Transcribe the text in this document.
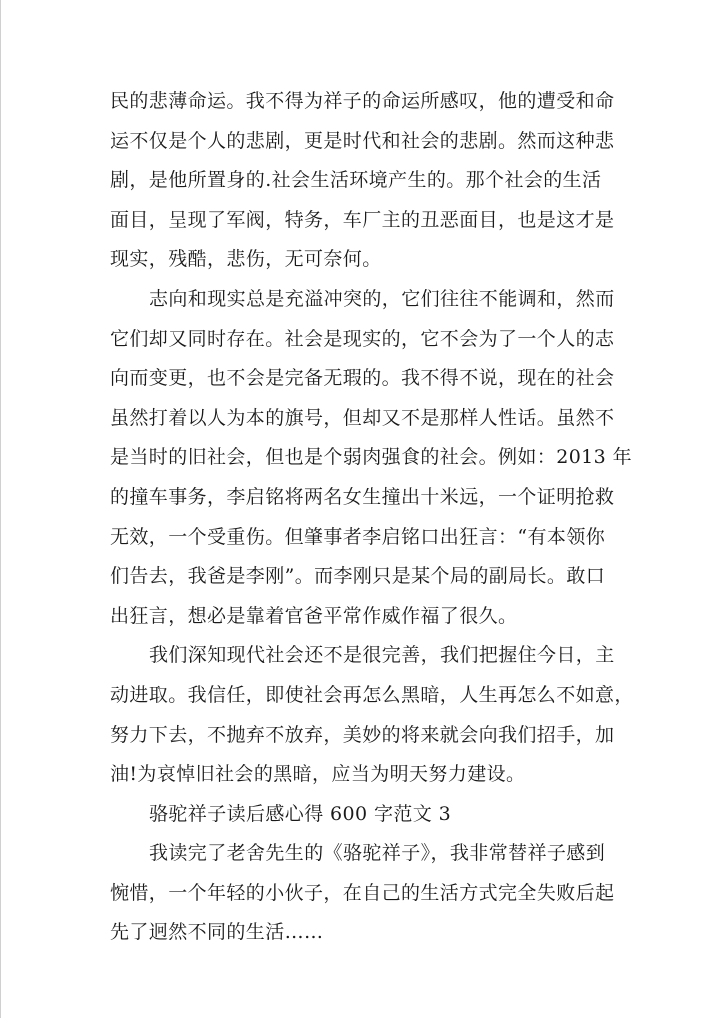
民的悲薄命运。我不得为祥子的命运所感叹，他的遭受和命
运不仅是个人的悲剧，更是时代和社会的悲剧。然而这种悲
剧，是他所置身的.社会生活环境产生的。那个社会的生活
面目，呈现了军阀，特务，车厂主的丑恶面目，也是这才是
现实，残酷，悲伤，无可奈何。
志向和现实总是充溢冲突的，它们往往不能调和，然而
它们却又同时存在。社会是现实的，它不会为了一个人的志
向而变更，也不会是完备无瑕的。我不得不说，现在的社会
虽然打着以人为本的旗号，但却又不是那样人性话。虽然不
是当时的旧社会，但也是个弱肉强食的社会。例如：2013 年
的撞车事务，李启铭将两名女生撞出十米远，一个证明抢救
无效，一个受重伤。但肇事者李启铭口出狂言：“有本领你
们告去，我爸是李刚”。而李刚只是某个局的副局长。敢口
出狂言，想必是靠着官爸平常作威作福了很久。
我们深知现代社会还不是很完善，我们把握住今日，主
动进取。我信任，即使社会再怎么黑暗，人生再怎么不如意，
努力下去，不抛弃不放弃，美妙的将来就会向我们招手，加
油!为哀悼旧社会的黑暗，应当为明天努力建设。
骆驼祥子读后感心得 600 字范文 3
我读完了老舍先生的《骆驼祥子》，我非常替祥子感到
惋惜，一个年轻的小伙子，在自己的生活方式完全失败后起
先了迥然不同的生活……
